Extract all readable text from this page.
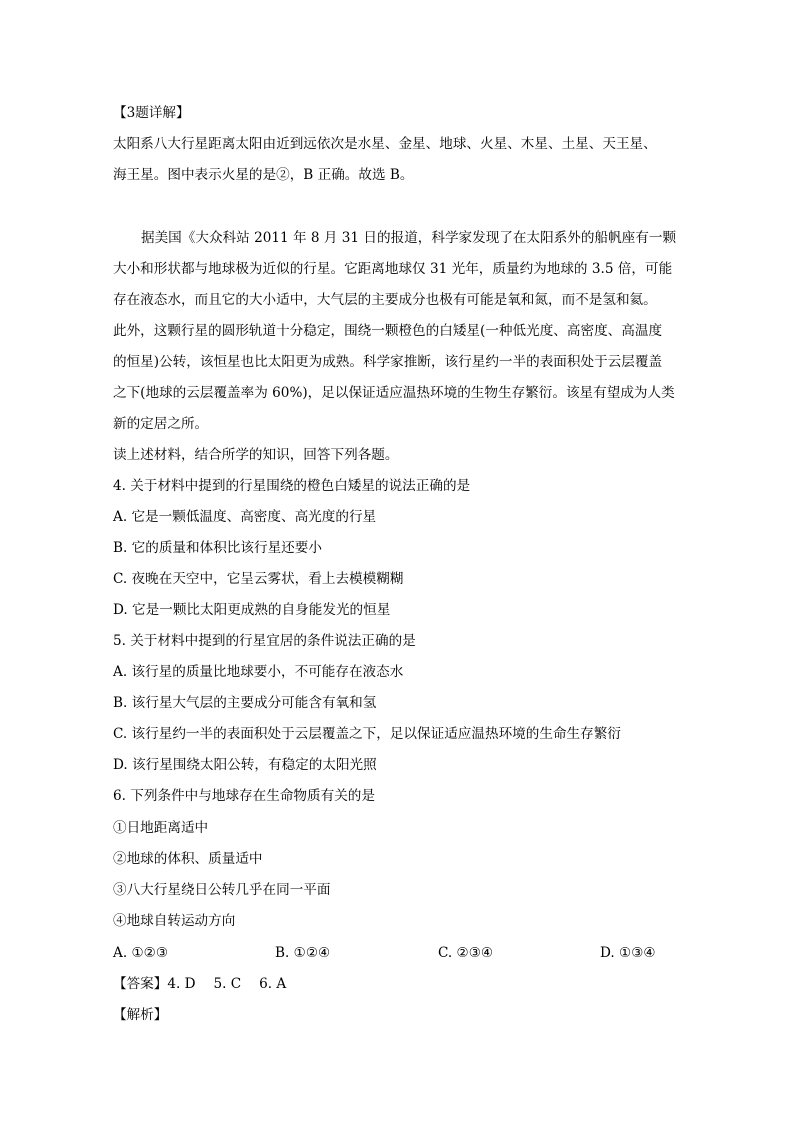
【3题详解】
太阳系八大行星距离太阳由近到远依次是水星、金星、地球、火星、木星、土星、天王星、
海王星。图中表示火星的是②，B 正确。故选 B。
据美国《大众科站 2011 年 8 月 31 日的报道，科学家发现了在太阳系外的船帆座有一颗
大小和形状都与地球极为近似的行星。它距离地球仅 31 光年，质量约为地球的 3.5 倍，可能
存在液态水，而且它的大小适中，大气层的主要成分也极有可能是氧和氮，而不是氢和氦。
此外，这颗行星的圆形轨道十分稳定，围绕一颗橙色的白矮星(一种低光度、高密度、高温度
的恒星)公转，该恒星也比太阳更为成熟。科学家推断，该行星约一半的表面积处于云层覆盖
之下(地球的云层覆盖率为 60%)，足以保证适应温热环境的生物生存繁衍。该星有望成为人类
新的定居之所。
读上述材料，结合所学的知识，回答下列各题。
4. 关于材料中提到的行星围绕的橙色白矮星的说法正确的是
A. 它是一颗低温度、高密度、高光度的行星
B. 它的质量和体积比该行星还要小
C. 夜晚在天空中，它呈云雾状，看上去模模糊糊
D. 它是一颗比太阳更成熟的自身能发光的恒星
5. 关于材料中提到的行星宜居的条件说法正确的是
A. 该行星的质量比地球要小，不可能存在液态水
B. 该行星大气层的主要成分可能含有氧和氢
C. 该行星约一半的表面积处于云层覆盖之下，足以保证适应温热环境的生命生存繁衍
D. 该行星围绕太阳公转，有稳定的太阳光照
6. 下列条件中与地球存在生命物质有关的是
①日地距离适中
②地球的体积、质量适中
③八大行星绕日公转几乎在同一平面
④地球自转运动方向
A. ①②③	B. ①②④	C. ②③④	D. ①③④
【答案】4. D　 5. C　 6. A
【解析】
